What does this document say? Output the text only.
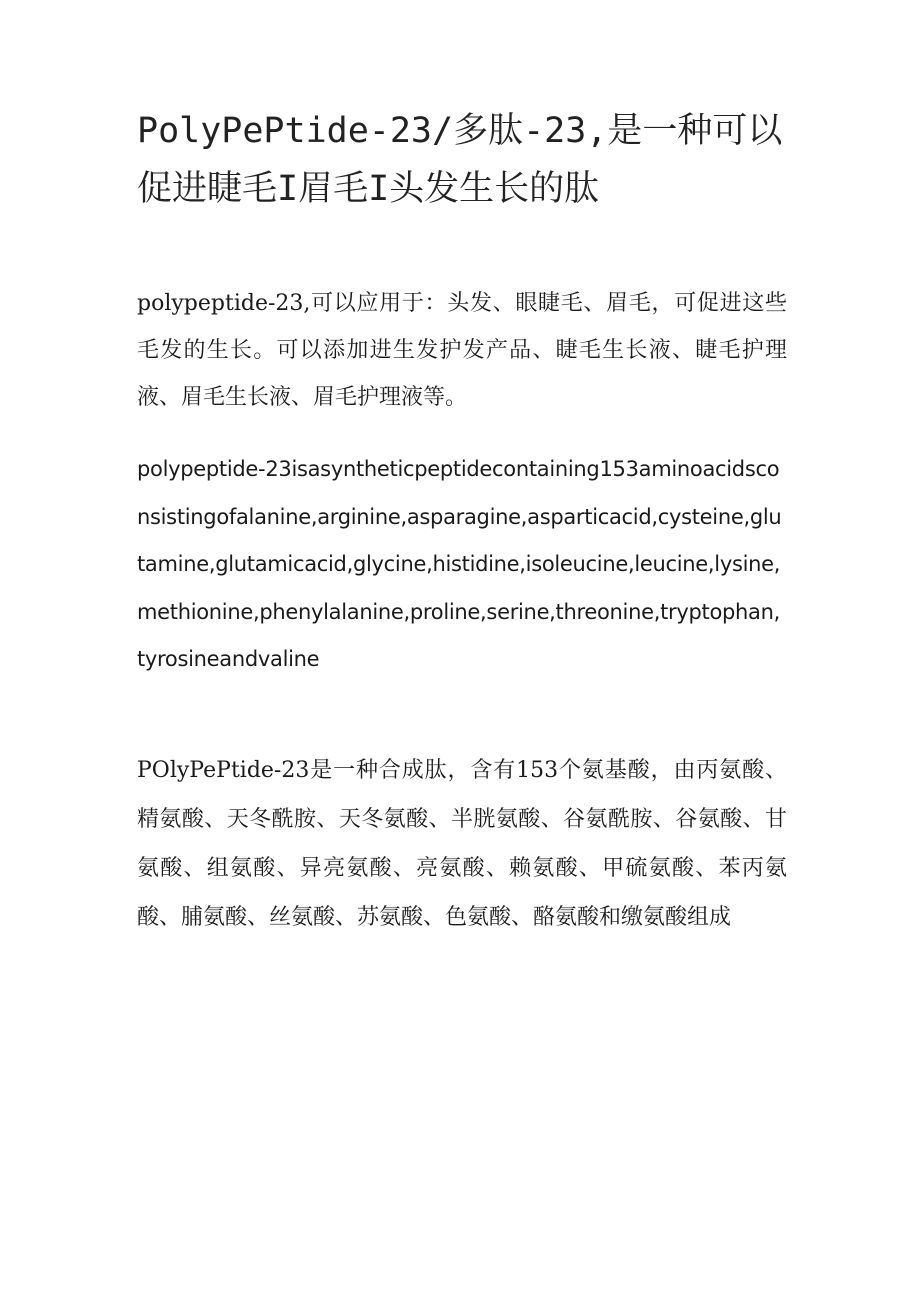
PolyPePtide-23/多肽-23,是一种可以促进睫毛I眉毛I头发生长的肽

polypeptide-23,可以应用于：头发、眼睫毛、眉毛，可促进这些毛发的生长。可以添加进生发护发产品、睫毛生长液、睫毛护理液、眉毛生长液、眉毛护理液等。

polypeptide-23isasyntheticpeptidecontaining153aminoacidsconsistingofalanine,arginine,asparagine,asparticacid,cysteine,glutamine,glutamicacid,glycine,histidine,isoleucine,leucine,lysine,methionine,phenylalanine,proline,serine,threonine,tryptophan,tyrosineandvaline

POlyPePtide-23是一种合成肽，含有153个氨基酸，由丙氨酸、精氨酸、天冬酰胺、天冬氨酸、半胱氨酸、谷氨酰胺、谷氨酸、甘氨酸、组氨酸、异亮氨酸、亮氨酸、赖氨酸、甲硫氨酸、苯丙氨酸、脯氨酸、丝氨酸、苏氨酸、色氨酸、酪氨酸和缴氨酸组成
